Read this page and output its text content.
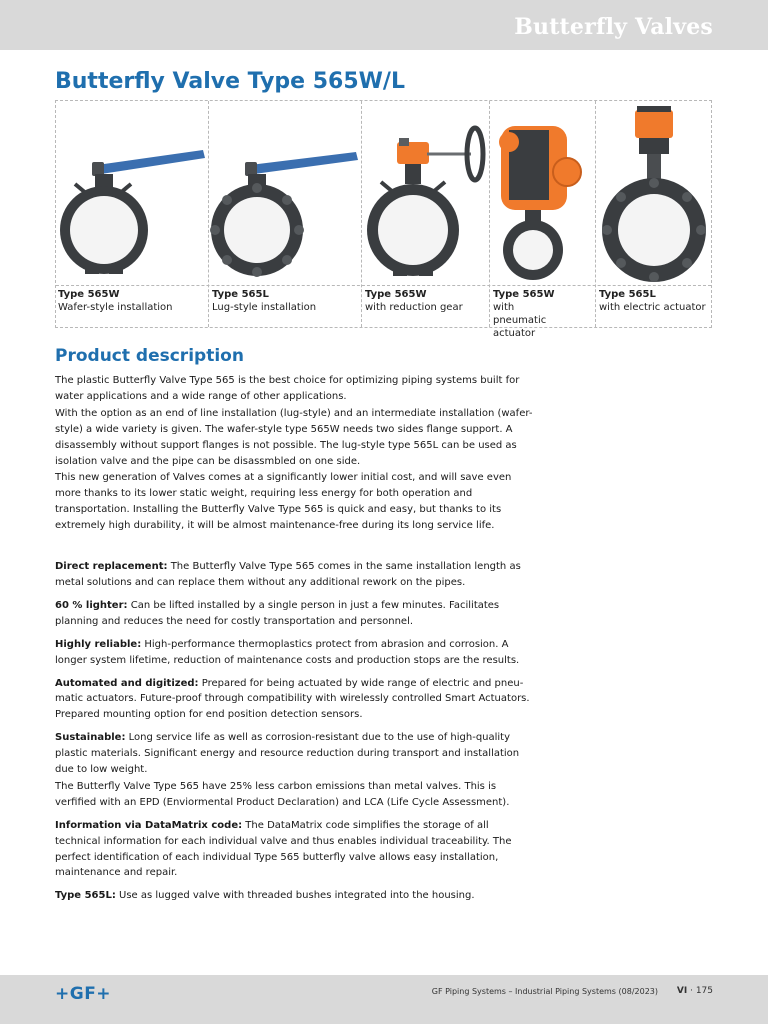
Butterfly Valves
Butterfly Valve Type 565W/L
Type 565W
Wafer-style installation
Type 565L
Lug-style installation
Type 565W
with reduction gear
Type 565W
with pneumatic actuator
Type 565L
with electric actuator
Product description

The plastic Butterfly Valve Type 565 is the best choice for optimizing piping systems built for water applications and a wide range of other applications.

With the option as an end of line installation (lug-style) and an intermediate installation (wafer-style) a wide variety is given. The wafer-style type 565W needs two sides flange support. A disassembly without support flanges is not possible. The lug-style type 565L can be used as isolation valve and the pipe can be disassmbled on one side.

This new generation of Valves comes at a significantly lower initial cost, and will save even more thanks to its lower static weight, requiring less energy for both operation and transportation. Installing the Butterfly Valve Type 565 is quick and easy, but thanks to its extremely high durability, it will be almost maintenance-free during its long service life.

Direct replacement: The Butterfly Valve Type 565 comes in the same installation length as metal solutions and can replace them without any additional rework on the pipes.

60 % lighter: Can be lifted installed by a single person in just a few minutes. Facilitates planning and reduces the need for costly transportation and personnel.

Highly reliable: High-performance thermoplastics protect from abrasion and corrosion. A longer system lifetime, reduction of maintenance costs and production stops are the results.

Automated and digitized: Prepared for being actuated by wide range of electric and pneu-matic actuators. Future-proof through compatibility with wirelessly controlled Smart Actuators. Prepared mounting option for end position detection sensors.

Sustainable: Long service life as well as corrosion-resistant due to the use of high-quality plastic materials. Significant energy and resource reduction during transport and installation due to low weight.

The Butterfly Valve Type 565 have 25% less carbon emissions than metal valves. This is verfified with an EPD (Enviormental Product Declaration) and LCA (Life Cycle Assessment).

Information via DataMatrix code: The DataMatrix code simplifies the storage of all technical information for each individual valve and thus enables individual traceability. The perfect identification of each individual Type 565 butterfly valve allows easy installation, maintenance and repair.

Type 565L: Use as lugged valve with threaded bushes integrated into the housing.

+GF+	GF Piping Systems – Industrial Piping Systems (08/2023) VI · 175
